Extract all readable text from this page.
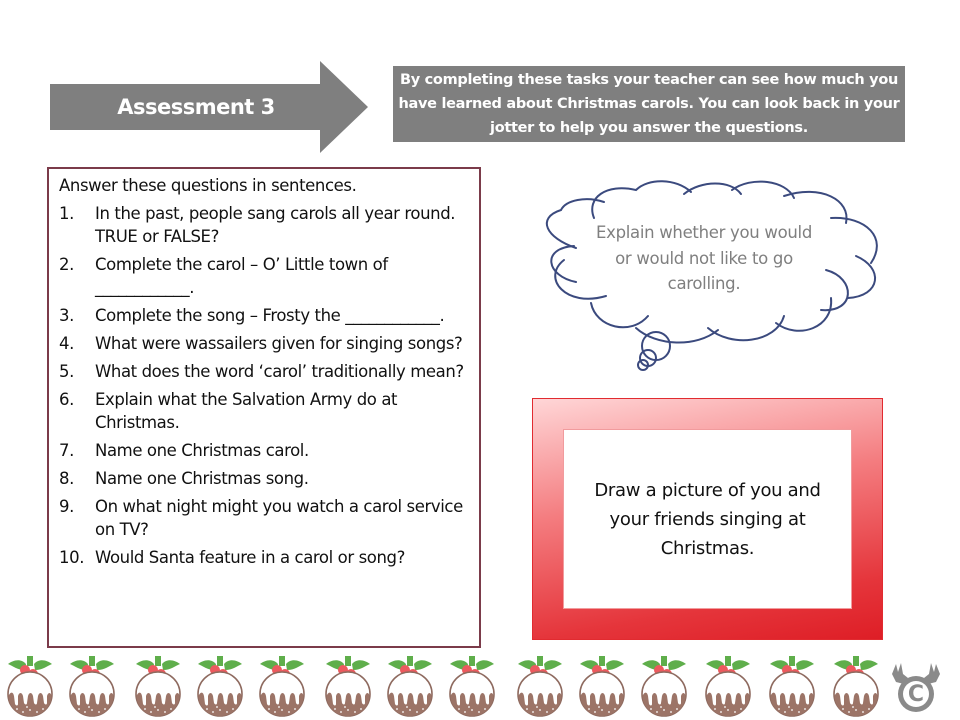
Assessment 3
By completing these tasks your teacher can see how much you have learned about Christmas carols. You can look back in your jotter to help you answer the questions.
Answer these questions in sentences.
1.	In the past, people sang carols all year round. TRUE or FALSE?
2.	Complete the carol – O’ Little town of ____________.
3.	Complete the song – Frosty the ____________.
4.	What were wassailers given for singing songs?
5.	What does the word ‘carol’ traditionally mean?
6.	Explain what the Salvation Army do at Christmas.
7.	Name one Christmas carol.
8.	Name one Christmas song.
9.	On what night might you watch a carol service on TV?
10. Would Santa feature in a carol or song?
Explain whether you would or would not like to go carolling.
Draw a picture of you and your friends singing at Christmas.
C
